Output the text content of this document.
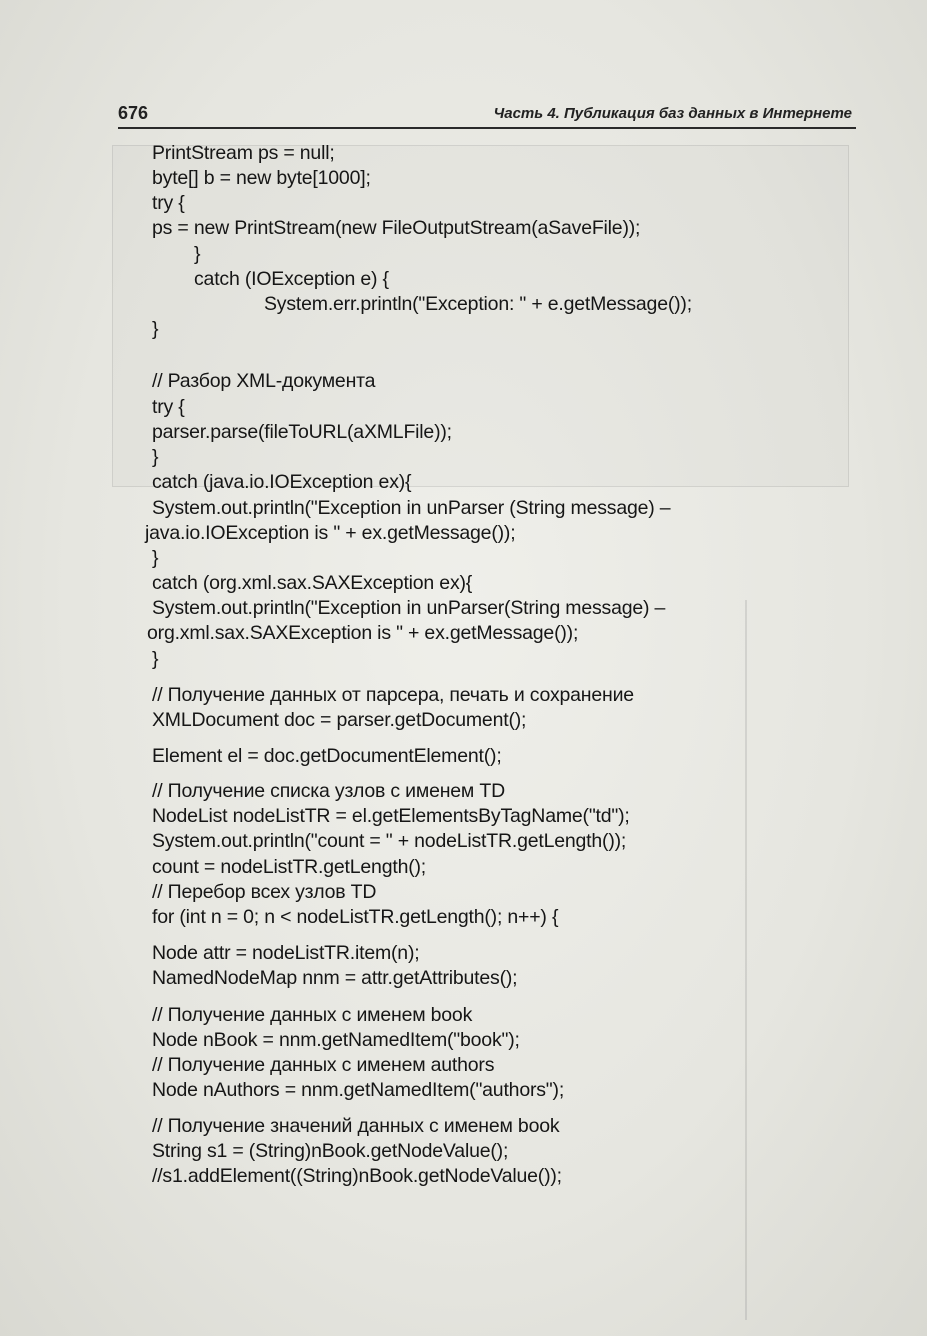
676	Часть 4. Публикация баз данных в Интернете
PrintStream ps = null;
byte[] b = new byte[1000];
try {
ps = new PrintStream(new FileOutputStream(aSaveFile));
}
catch (IOException e) {
System.err.println("Exception: " + e.getMessage());
}
// Разбор XML-документа
try {
parser.parse(fileToURL(aXMLFile));
}
catch (java.io.IOException ex){
System.out.println("Exception in unParser (String message) –
java.io.IOException is " + ex.getMessage());
}
catch (org.xml.sax.SAXException ex){
System.out.println("Exception in unParser(String message) –
org.xml.sax.SAXException is " + ex.getMessage());
}
// Получение данных от парсера, печать и сохранение
XMLDocument doc = parser.getDocument();
Element el = doc.getDocumentElement();
// Получение списка узлов с именем TD
NodeList nodeListTR = el.getElementsByTagName("td");
System.out.println("count = " + nodeListTR.getLength());
count = nodeListTR.getLength();
// Перебор всех узлов TD
for (int n = 0; n < nodeListTR.getLength(); n++) {
Node attr = nodeListTR.item(n);
NamedNodeMap nnm = attr.getAttributes();
// Получение данных с именем book
Node nBook = nnm.getNamedItem("book");
// Получение данных с именем authors
Node nAuthors = nnm.getNamedItem("authors");
// Получение значений данных с именем book
String s1 = (String)nBook.getNodeValue();
//s1.addElement((String)nBook.getNodeValue());
